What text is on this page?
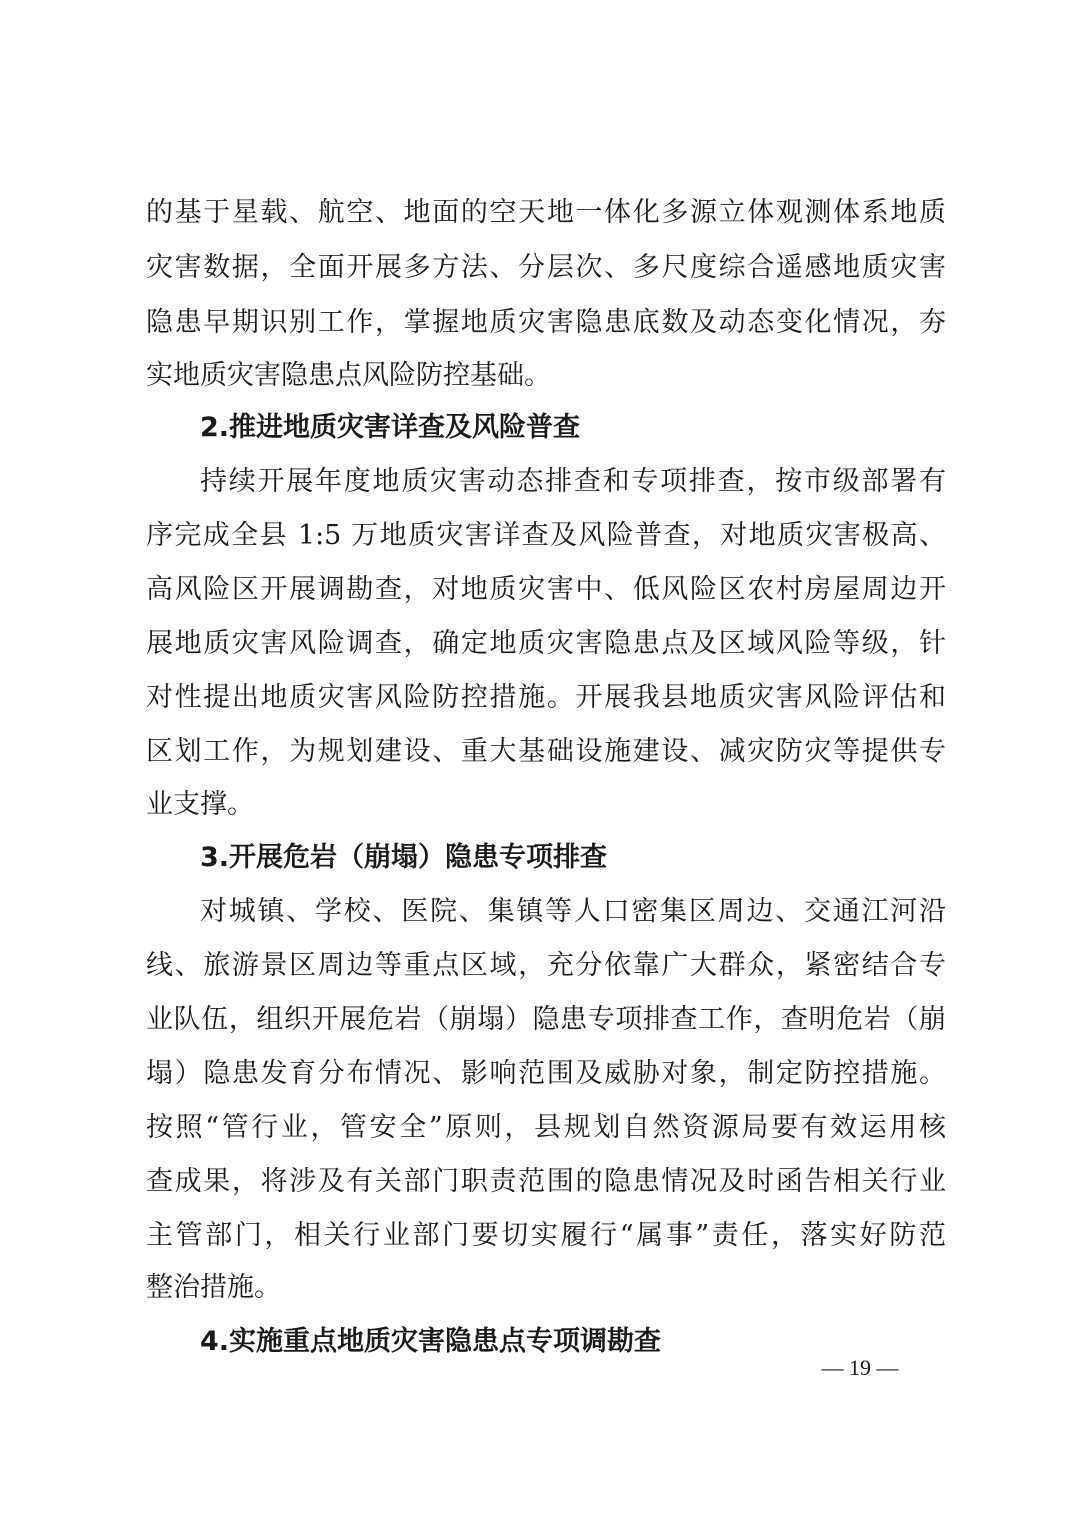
的基于星载、航空、地面的空天地一体化多源立体观测体系地质
灾害数据，全面开展多方法、分层次、多尺度综合遥感地质灾害
隐患早期识别工作，掌握地质灾害隐患底数及动态变化情况，夯
实地质灾害隐患点风险防控基础。
2.推进地质灾害详查及风险普查
持续开展年度地质灾害动态排查和专项排查，按市级部署有
序完成全县 1:5 万地质灾害详查及风险普查，对地质灾害极高、
高风险区开展调勘查，对地质灾害中、低风险区农村房屋周边开
展地质灾害风险调查，确定地质灾害隐患点及区域风险等级，针
对性提出地质灾害风险防控措施。开展我县地质灾害风险评估和
区划工作，为规划建设、重大基础设施建设、减灾防灾等提供专
业支撑。
3.开展危岩（崩塌）隐患专项排查
对城镇、学校、医院、集镇等人口密集区周边、交通江河沿
线、旅游景区周边等重点区域，充分依靠广大群众，紧密结合专
业队伍，组织开展危岩（崩塌）隐患专项排查工作，查明危岩（崩
塌）隐患发育分布情况、影响范围及威胁对象，制定防控措施。
按照“管行业，管安全”原则，县规划自然资源局要有效运用核
查成果，将涉及有关部门职责范围的隐患情况及时函告相关行业
主管部门，相关行业部门要切实履行“属事”责任，落实好防范
整治措施。
4.实施重点地质灾害隐患点专项调勘查
— 19 —
